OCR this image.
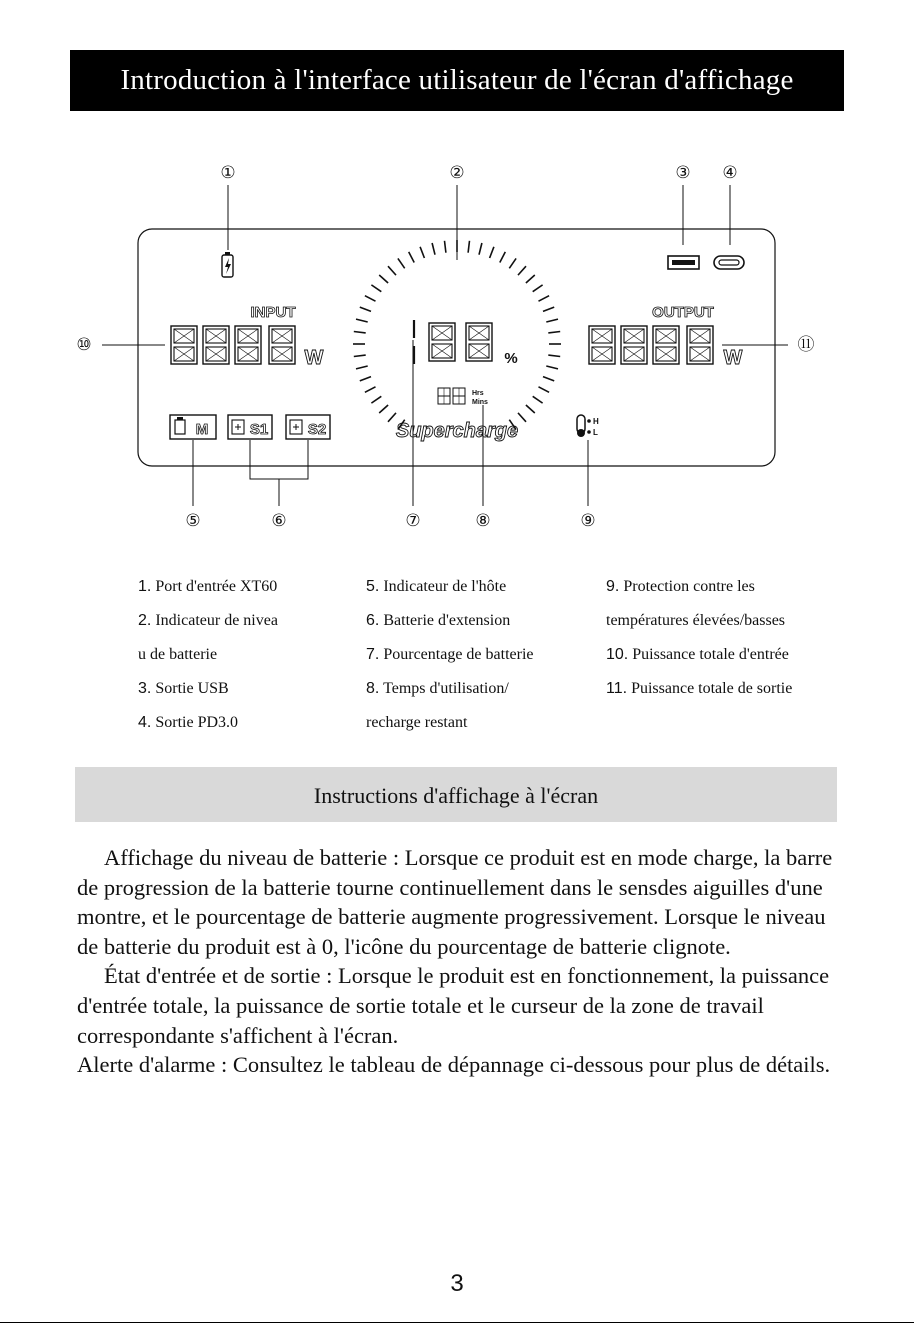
Introduction à l'interface utilisateur de l'écran d'affichage
①	②	③ ④
⑤	⑥	⑦	⑧	⑨
⑩	⑪
INPUT	OUTPUT
W	W
%
Hrs
Mins
Supercharge
M	S1	S2	H
L
1. Port d'entrée XT60
2. Indicateur de nivea
u de batterie
3. Sortie USB
4. Sortie PD3.0
5. Indicateur de l'hôte
6. Batterie d'extension
7. Pourcentage de batterie
8. Temps d'utilisation/
recharge restant
9. Protection contre les
températures élevées/basses
10. Puissance totale d'entrée
11. Puissance totale de sortie
Instructions d'affichage à l'écran

Affichage du niveau de batterie : Lorsque ce produit est en mode charge, la barre de progression de la batterie tourne continuellement dans le sensdes aiguilles d'une montre, et le pourcentage de batterie augmente progressivement. Lorsque le niveau de batterie du produit est à 0, l'icône du pourcentage de batterie clignote.

État d'entrée et de sortie : Lorsque le produit est en fonctionnement, la puissance d'entrée totale, la puissance de sortie totale et le curseur de la zone de travail correspondante s'affichent à l'écran.

Alerte d'alarme : Consultez le tableau de dépannage ci-dessous pour plus de détails.

3
